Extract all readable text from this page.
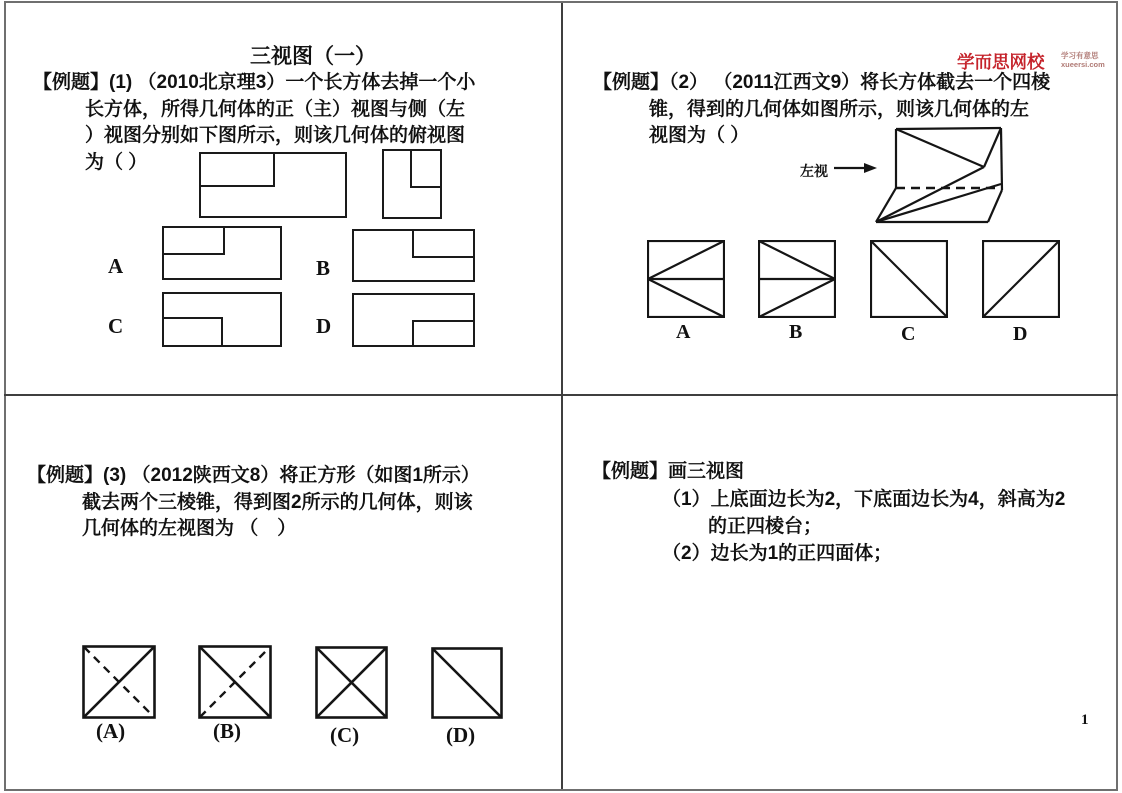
三视图（一）
【例题】(1) （2010北京理3）一个长方体去掉一个小
长方体，所得几何体的正（主）视图与侧（左
）视图分别如下图所示，则该几何体的俯视图
为（ ）
A	B
C	D
学而思网校 学习有意思
xueersi.com
【例题】（2） （2011江西文9）将长方体截去一个四棱
锥，得到的几何体如图所示，则该几何体的左
视图为（ ）
左视
A	B	C	D
【例题】(3) （2012陕西文8）将正方形（如图1所示）
截去两个三棱锥，得到图2所示的几何体，则该
几何体的左视图为 （　）
(A)	(B)	(C)	(D)
【例题】画三视图
（1）上底面边长为2，下底面边长为4，斜高为2
的正四棱台；
（2）边长为1的正四面体；
1
